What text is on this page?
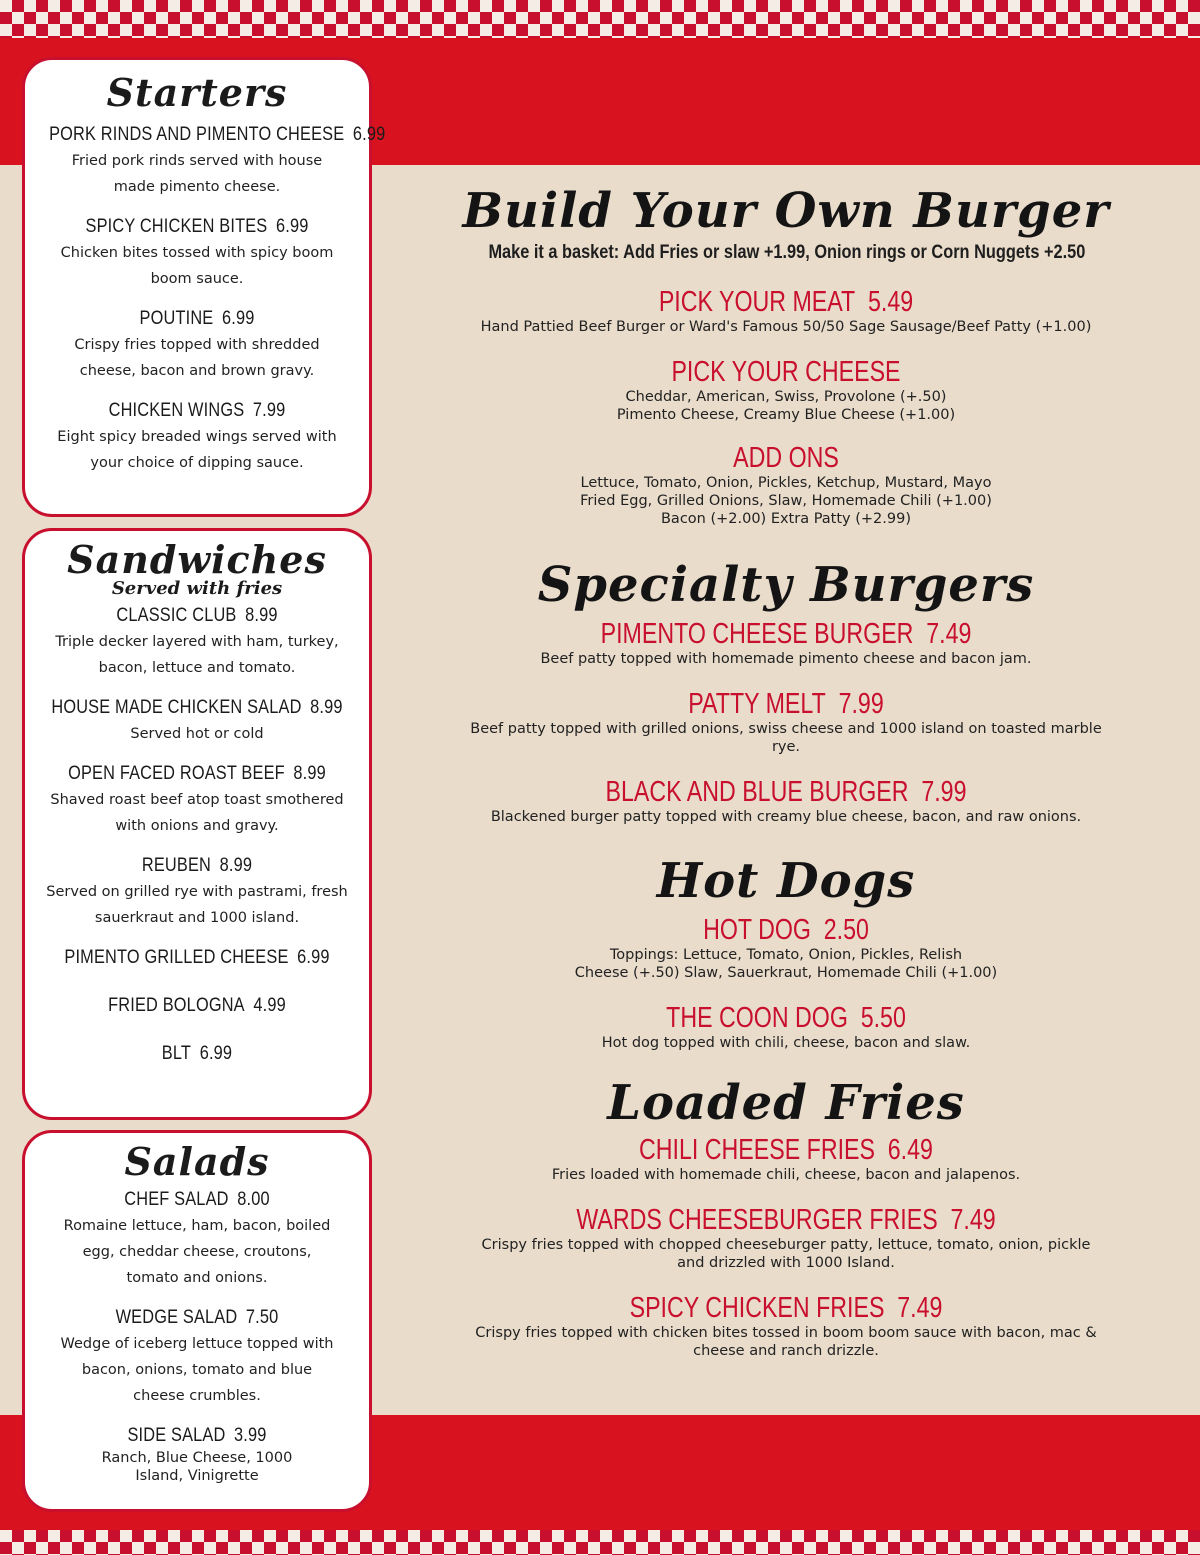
Starters
PORK RINDS AND PIMENTO CHEESE 6.99
Fried pork rinds served with house
made pimento cheese.
SPICY CHICKEN BITES 6.99
Chicken bites tossed with spicy boom
boom sauce.
POUTINE 6.99
Crispy fries topped with shredded
cheese, bacon and brown gravy.
CHICKEN WINGS 7.99
Eight spicy breaded wings served with
your choice of dipping sauce.
Sandwiches
Served with fries
CLASSIC CLUB 8.99
Triple decker layered with ham, turkey,
bacon, lettuce and tomato.
HOUSE MADE CHICKEN SALAD 8.99
Served hot or cold
OPEN FACED ROAST BEEF 8.99
Shaved roast beef atop toast smothered
with onions and gravy.
REUBEN 8.99
Served on grilled rye with pastrami, fresh
sauerkraut and 1000 island.
PIMENTO GRILLED CHEESE 6.99
FRIED BOLOGNA 4.99
BLT 6.99
Salads
CHEF SALAD 8.00
Romaine lettuce, ham, bacon, boiled
egg, cheddar cheese, croutons,
tomato and onions.
WEDGE SALAD 7.50
Wedge of iceberg lettuce topped with
bacon, onions, tomato and blue
cheese crumbles.
SIDE SALAD 3.99
Ranch, Blue Cheese, 1000
Island, Vinigrette
Build Your Own Burger
Make it a basket: Add Fries or slaw +1.99, Onion rings or Corn Nuggets +2.50
PICK YOUR MEAT 5.49
Hand Pattied Beef Burger or Ward's Famous 50/50 Sage Sausage/Beef Patty (+1.00)
PICK YOUR CHEESE
Cheddar, American, Swiss, Provolone (+.50)
Pimento Cheese, Creamy Blue Cheese (+1.00)
ADD ONS
Lettuce, Tomato, Onion, Pickles, Ketchup, Mustard, Mayo
Fried Egg, Grilled Onions, Slaw, Homemade Chili (+1.00)
Bacon (+2.00) Extra Patty (+2.99)
Specialty Burgers
PIMENTO CHEESE BURGER 7.49
Beef patty topped with homemade pimento cheese and bacon jam.
PATTY MELT 7.99
Beef patty topped with grilled onions, swiss cheese and 1000 island on toasted marble
rye.
BLACK AND BLUE BURGER 7.99
Blackened burger patty topped with creamy blue cheese, bacon, and raw onions.
Hot Dogs
HOT DOG 2.50
Toppings: Lettuce, Tomato, Onion, Pickles, Relish
Cheese (+.50) Slaw, Sauerkraut, Homemade Chili (+1.00)
THE COON DOG 5.50
Hot dog topped with chili, cheese, bacon and slaw.
Loaded Fries
CHILI CHEESE FRIES 6.49
Fries loaded with homemade chili, cheese, bacon and jalapenos.
WARDS CHEESEBURGER FRIES 7.49
Crispy fries topped with chopped cheeseburger patty, lettuce, tomato, onion, pickle
and drizzled with 1000 Island.
SPICY CHICKEN FRIES 7.49
Crispy fries topped with chicken bites tossed in boom boom sauce with bacon, mac &
cheese and ranch drizzle.
